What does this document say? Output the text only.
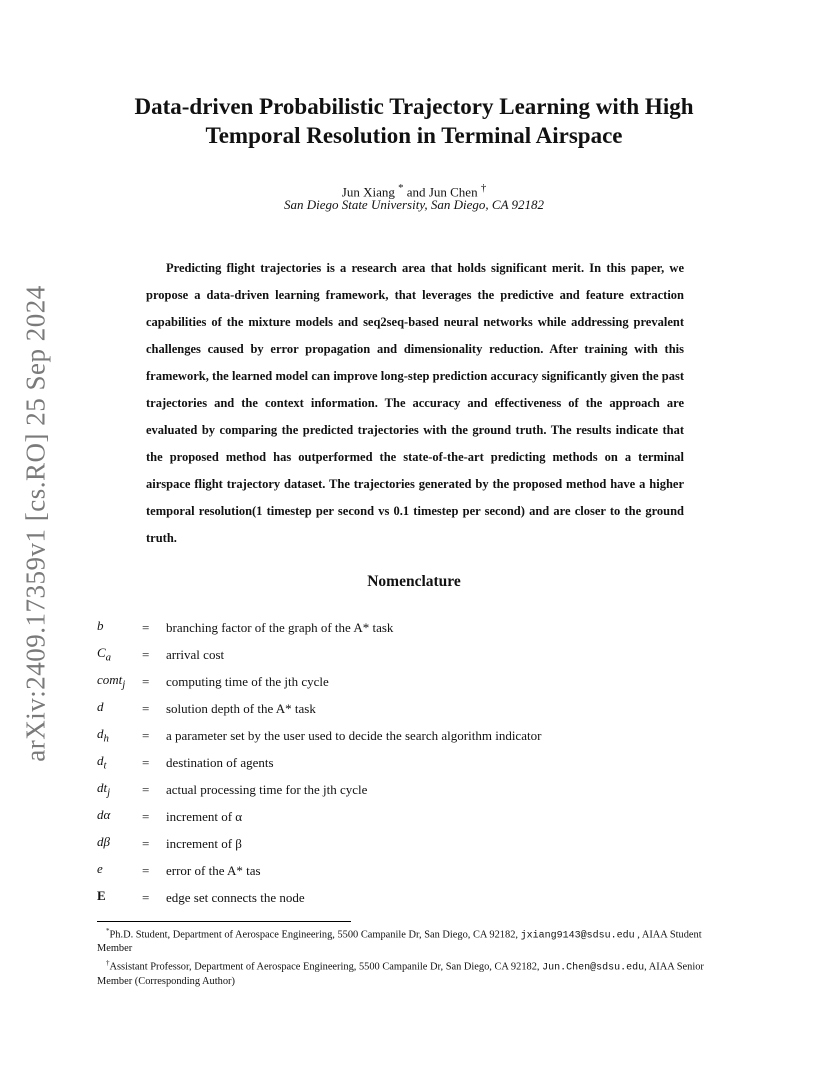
arXiv:2409.17359v1 [cs.RO] 25 Sep 2024
Data-driven Probabilistic Trajectory Learning with High
Temporal Resolution in Terminal Airspace
Jun Xiang * and Jun Chen †
San Diego State University, San Diego, CA 92182

Predicting flight trajectories is a research area that holds significant merit. In this paper, we propose a data-driven learning framework, that leverages the predictive and feature extraction capabilities of the mixture models and seq2seq-based neural networks while addressing prevalent challenges caused by error propagation and dimensionality reduction. After training with this framework, the learned model can improve long-step prediction accuracy significantly given the past trajectories and the context information. The accuracy and effectiveness of the approach are evaluated by comparing the predicted trajectories with the ground truth. The results indicate that the proposed method has outperformed the state-of-the-art predicting methods on a terminal airspace flight trajectory dataset. The trajectories generated by the proposed method have a higher temporal resolution(1 timestep per second vs 0.1 timestep per second) and are closer to the ground truth.

Nomenclature
b	=	branching factor of the graph of the A* task
$C_a$	=	arrival cost
comt$_j$	=	computing time of the jth cycle
d	=	solution depth of the A* task
$d_h$	=	a parameter set by the user used to decide the search algorithm indicator
$d_t$	=	destination of agents
$dt_j$	=	actual processing time for the jth cycle
dα	=	increment of α
dβ	=	increment of β
e	=	error of the A* tas
E	=	edge set connects the node

*Ph.D. Student, Department of Aerospace Engineering, 5500 Campanile Dr, San Diego, CA 92182, jxiang9143@sdsu.edu , AIAA Student Member

†Assistant Professor, Department of Aerospace Engineering, 5500 Campanile Dr, San Diego, CA 92182, Jun.Chen@sdsu.edu, AIAA Senior Member (Corresponding Author)
